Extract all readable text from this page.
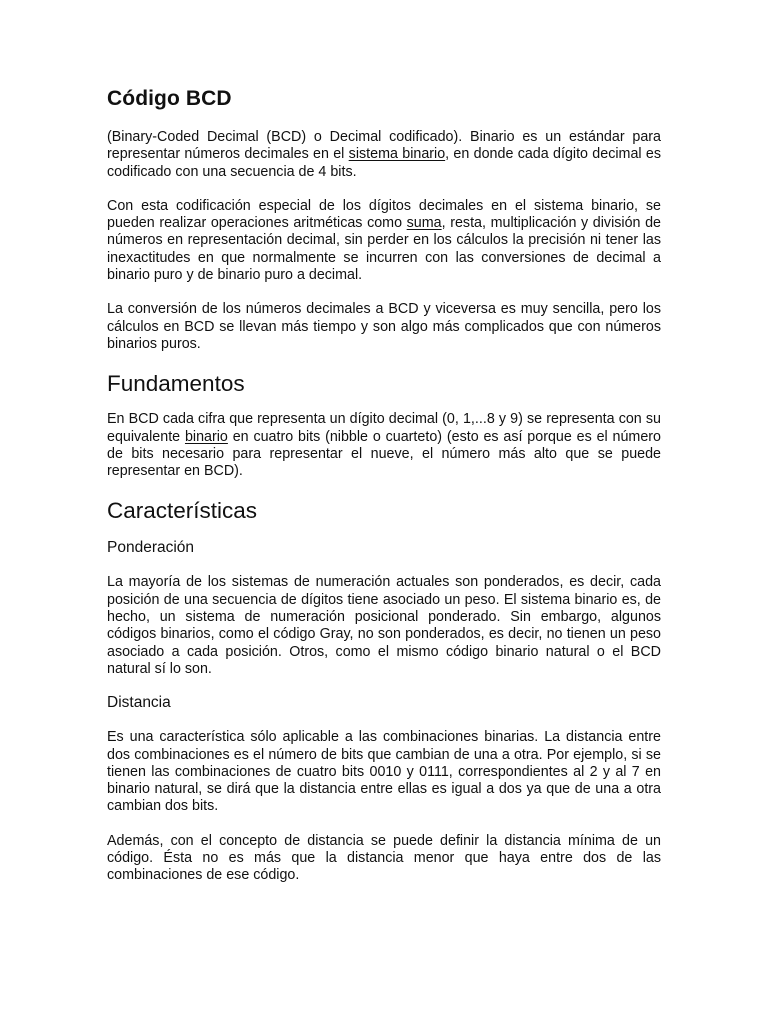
Código BCD

(Binary-Coded Decimal (BCD) o Decimal codificado). Binario es un estándar para representar números decimales en el sistema binario, en donde cada dígito decimal es codificado con una secuencia de 4 bits.

Con esta codificación especial de los dígitos decimales en el sistema binario, se pueden realizar operaciones aritméticas como suma, resta, multiplicación y división de números en representación decimal, sin perder en los cálculos la precisión ni tener las inexactitudes en que normalmente se incurren con las conversiones de decimal a binario puro y de binario puro a decimal.

La conversión de los números decimales a BCD y viceversa es muy sencilla, pero los cálculos en BCD se llevan más tiempo y son algo más complicados que con números binarios puros.

Fundamentos

En BCD cada cifra que representa un dígito decimal (0, 1,...8 y 9) se representa con su equivalente binario en cuatro bits (nibble o cuarteto) (esto es así porque es el número de bits necesario para representar el nueve, el número más alto que se puede representar en BCD).

Características
Ponderación

La mayoría de los sistemas de numeración actuales son ponderados, es decir, cada posición de una secuencia de dígitos tiene asociado un peso. El sistema binario es, de hecho, un sistema de numeración posicional ponderado. Sin embargo, algunos códigos binarios, como el código Gray, no son ponderados, es decir, no tienen un peso asociado a cada posición. Otros, como el mismo código binario natural o el BCD natural sí lo son.

Distancia

Es una característica sólo aplicable a las combinaciones binarias. La distancia entre dos combinaciones es el número de bits que cambian de una a otra. Por ejemplo, si se tienen las combinaciones de cuatro bits 0010 y 0111, correspondientes al 2 y al 7 en binario natural, se dirá que la distancia entre ellas es igual a dos ya que de una a otra cambian dos bits.

Además, con el concepto de distancia se puede definir la distancia mínima de un código. Ésta no es más que la distancia menor que haya entre dos de las combinaciones de ese código.
